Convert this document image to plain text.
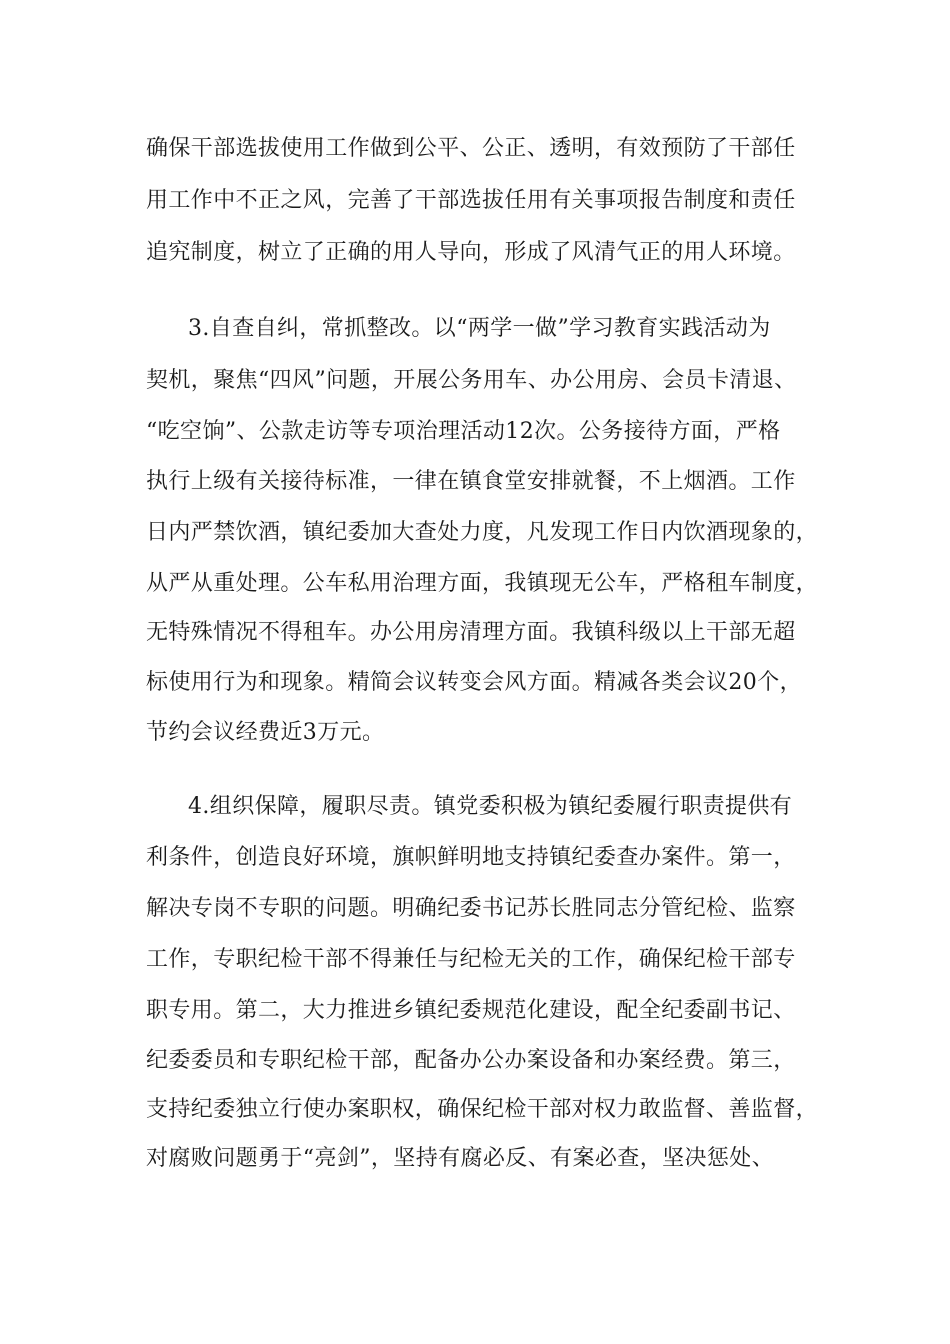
确保干部选拔使用工作做到公平、公正、透明，有效预防了干部任
用工作中不正之风，完善了干部选拔任用有关事项报告制度和责任
追究制度，树立了正确的用人导向，形成了风清气正的用人环境。
3.自查自纠，常抓整改。以“两学一做”学习教育实践活动为
契机，聚焦“四风”问题，开展公务用车、办公用房、会员卡清退、
“吃空饷”、公款走访等专项治理活动12次。公务接待方面，严格
执行上级有关接待标准，一律在镇食堂安排就餐，不上烟酒。工作
日内严禁饮酒，镇纪委加大查处力度，凡发现工作日内饮酒现象的，
从严从重处理。公车私用治理方面，我镇现无公车，严格租车制度，
无特殊情况不得租车。办公用房清理方面。我镇科级以上干部无超
标使用行为和现象。精简会议转变会风方面。精减各类会议20个，
节约会议经费近3万元。
4.组织保障，履职尽责。镇党委积极为镇纪委履行职责提供有
利条件，创造良好环境，旗帜鲜明地支持镇纪委查办案件。第一，
解决专岗不专职的问题。明确纪委书记苏长胜同志分管纪检、监察
工作，专职纪检干部不得兼任与纪检无关的工作，确保纪检干部专
职专用。第二，大力推进乡镇纪委规范化建设，配全纪委副书记、
纪委委员和专职纪检干部，配备办公办案设备和办案经费。第三，
支持纪委独立行使办案职权，确保纪检干部对权力敢监督、善监督，
对腐败问题勇于“亮剑”，坚持有腐必反、有案必查，坚决惩处、
